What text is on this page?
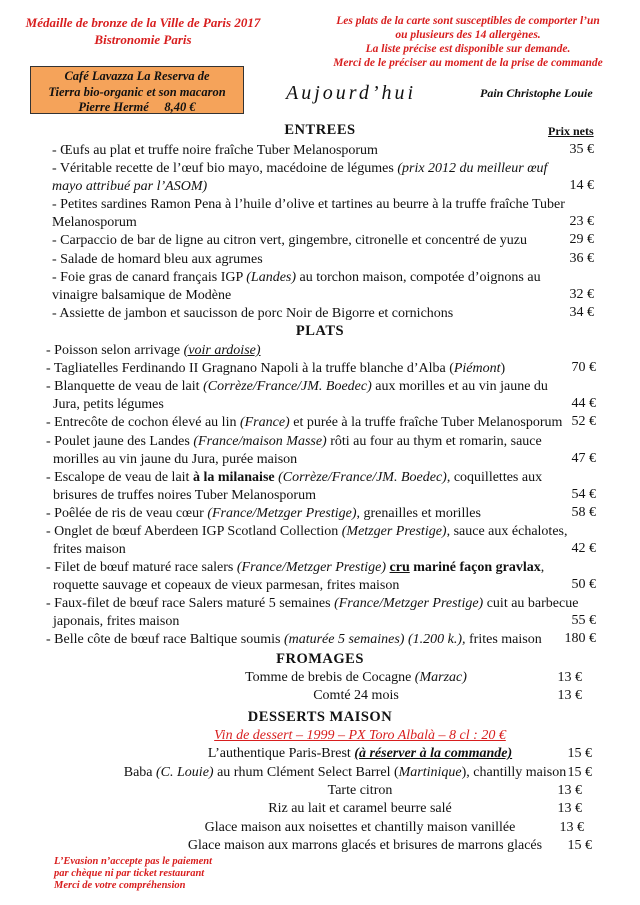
Médaille de bronze de la Ville de Paris 2017
Bistronomie Paris
Les plats de la carte sont susceptibles de comporter l’un
ou plusieurs des 14 allergènes.
La liste précise est disponible sur demande.
Merci de le préciser au moment de la prise de commande
Café Lavazza La Reserva de
Tierra bio-organic et son macaron
Pierre Hermé 8,40 €
Aujourd’hui	Pain Christophe Louie
ENTREES	Prix nets
- Œufs au plat et truffe noire fraîche Tuber Melanosporum	35 €
- Véritable recette de l’œuf bio mayo, macédoine de légumes (prix 2012 du meilleur œuf
mayo attribué par l’ASOM)	14 €
- Petites sardines Ramon Pena à l’huile d’olive et tartines au beurre à la truffe fraîche Tuber
Melanosporum	23 €
- Carpaccio de bar de ligne au citron vert, gingembre, citronelle et concentré de yuzu	29 €
- Salade de homard bleu aux agrumes	36 €
- Foie gras de canard français IGP (Landes) au torchon maison, compotée d’oignons au
vinaigre balsamique de Modène	32 €
- Assiette de jambon et saucisson de porc Noir de Bigorre et cornichons	34 €
PLATS
- Poisson selon arrivage (voir ardoise)
- Tagliatelles Ferdinando II Gragnano Napoli à la truffe blanche d’Alba (Piémont)	70 €
- Blanquette de veau de lait (Corrèze/France/JM. Boedec) aux morilles et au vin jaune du
Jura, petits légumes	44 €
- Entrecôte de cochon élevé au lin (France) et purée à la truffe fraîche Tuber Melanosporum 52 €
- Poulet jaune des Landes (France/maison Masse) rôti au four au thym et romarin, sauce
morilles au vin jaune du Jura, purée maison	47 €
- Escalope de veau de lait à la milanaise (Corrèze/France/JM. Boedec), coquillettes aux
brisures de truffes noires Tuber Melanosporum	54 €
- Poêlée de ris de veau cœur (France/Metzger Prestige), grenailles et morilles	58 €
- Onglet de bœuf Aberdeen IGP Scotland Collection (Metzger Prestige), sauce aux échalotes,
frites maison	42 €
- Filet de bœuf maturé race salers (France/Metzger Prestige) cru mariné façon gravlax,
roquette sauvage et copeaux de vieux parmesan, frites maison	50 €
- Faux-filet de bœuf race Salers maturé 5 semaines (France/Metzger Prestige) cuit au barbecue
japonais, frites maison	55 €
- Belle côte de bœuf race Baltique soumis (maturée 5 semaines) (1.200 k.), frites maison	180 €
FROMAGES
Tomme de brebis de Cocagne (Marzac)	13 €
Comté 24 mois	13 €
DESSERTS MAISON
Vin de dessert – 1999 – PX Toro Albalà – 8 cl : 20 €
L’authentique Paris-Brest (à réserver à la commande)	15 €
Baba (C. Louie) au rhum Clément Select Barrel (Martinique), chantilly maison 15 €
Tarte citron	13 €
Riz au lait et caramel beurre salé	13 €
Glace maison aux noisettes et chantilly maison vanillée	13 €
Glace maison aux marrons glacés et brisures de marrons glacés	15 €
L’Evasion n’accepte pas le paiement
par chèque ni par ticket restaurant
Merci de votre compréhension
